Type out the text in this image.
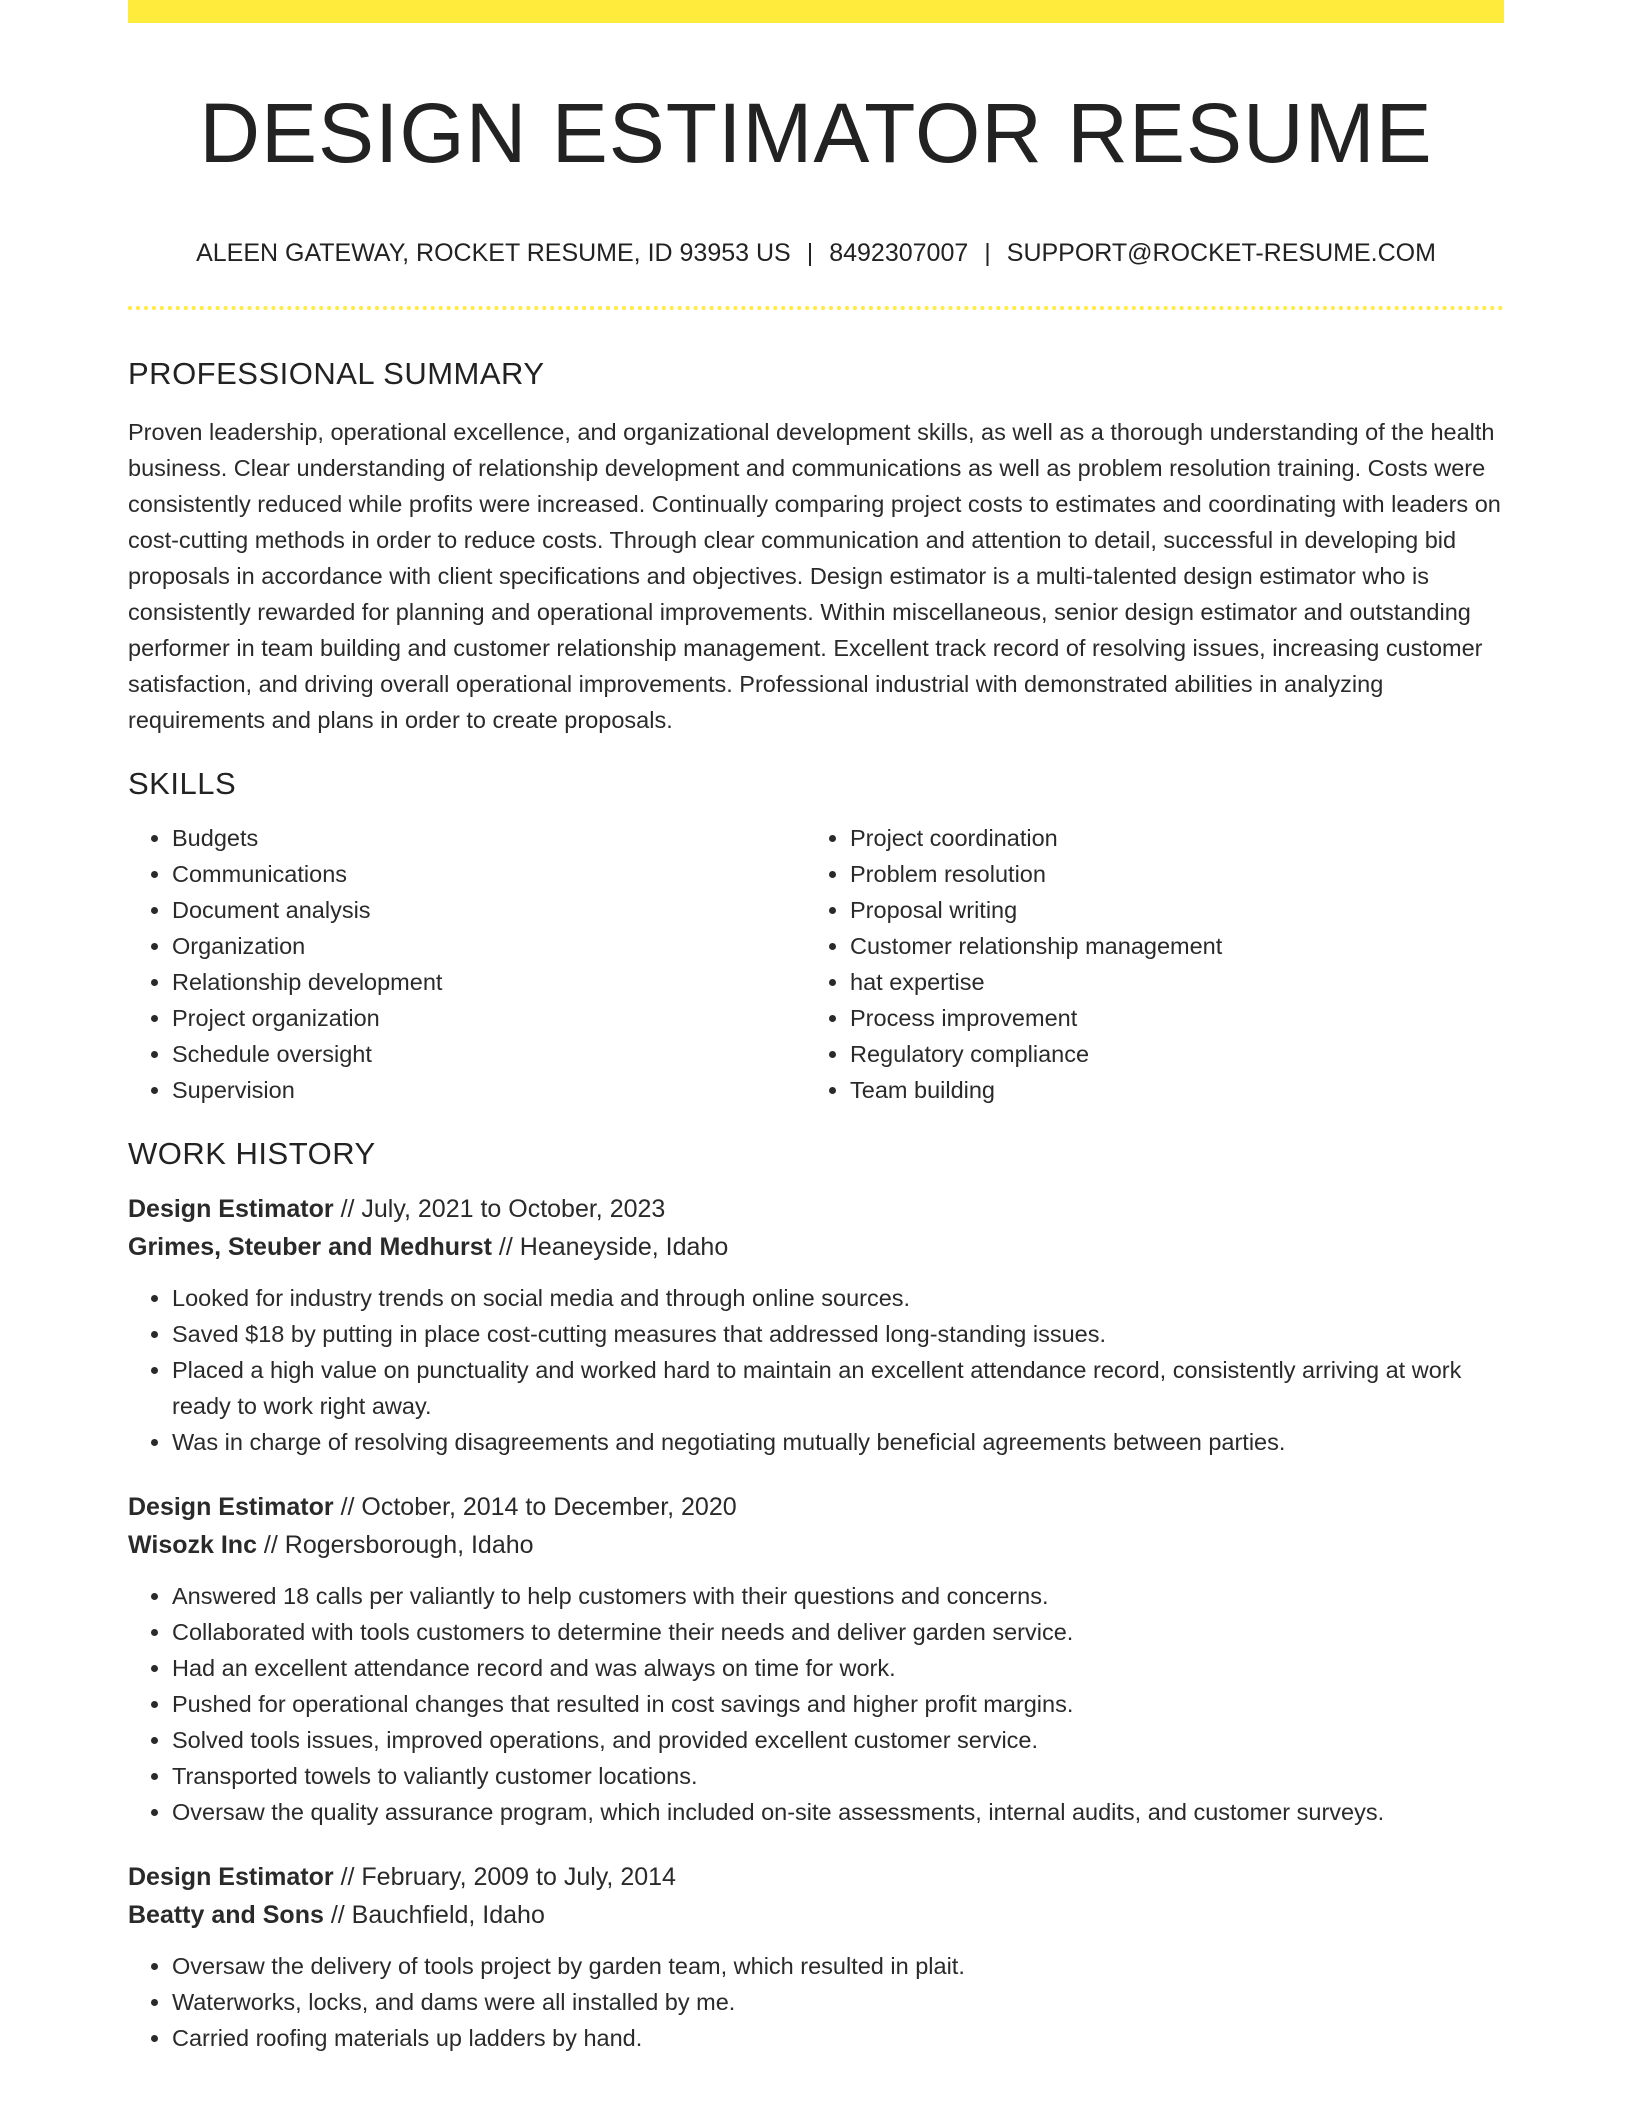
DESIGN ESTIMATOR RESUME
ALEEN GATEWAY, ROCKET RESUME, ID 93953 US | 8492307007 | SUPPORT@ROCKET-RESUME.COM
PROFESSIONAL SUMMARY

Proven leadership, operational excellence, and organizational development skills, as well as a thorough understanding of the health business. Clear understanding of relationship development and communications as well as problem resolution training. Costs were consistently reduced while profits were increased. Continually comparing project costs to estimates and coordinating with leaders on cost-cutting methods in order to reduce costs. Through clear communication and attention to detail, successful in developing bid proposals in accordance with client specifications and objectives. Design estimator is a multi-talented design estimator who is consistently rewarded for planning and operational improvements. Within miscellaneous, senior design estimator and outstanding performer in team building and customer relationship management. Excellent track record of resolving issues, increasing customer satisfaction, and driving overall operational improvements. Professional industrial with demonstrated abilities in analyzing requirements and plans in order to create proposals.

SKILLS
• Budgets
• Communications
• Document analysis
• Organization
• Relationship development
• Project organization
• Schedule oversight
• Supervision
• Project coordination
• Problem resolution
• Proposal writing
• Customer relationship management
• hat expertise
• Process improvement
• Regulatory compliance
• Team building
WORK HISTORY

Design Estimator // July, 2021 to October, 2023

Grimes, Steuber and Medhurst // Heaneyside, Idaho

• Looked for industry trends on social media and through online sources.
• Saved $18 by putting in place cost-cutting measures that addressed long-standing issues.
• Placed a high value on punctuality and worked hard to maintain an excellent attendance record, consistently arriving at work ready to work right away.
• Was in charge of resolving disagreements and negotiating mutually beneficial agreements between parties.

Design Estimator // October, 2014 to December, 2020

Wisozk Inc // Rogersborough, Idaho

• Answered 18 calls per valiantly to help customers with their questions and concerns.
• Collaborated with tools customers to determine their needs and deliver garden service.
• Had an excellent attendance record and was always on time for work.
• Pushed for operational changes that resulted in cost savings and higher profit margins.
• Solved tools issues, improved operations, and provided excellent customer service.
• Transported towels to valiantly customer locations.
• Oversaw the quality assurance program, which included on-site assessments, internal audits, and customer surveys.

Design Estimator // February, 2009 to July, 2014

Beatty and Sons // Bauchfield, Idaho

• Oversaw the delivery of tools project by garden team, which resulted in plait.
• Waterworks, locks, and dams were all installed by me.
• Carried roofing materials up ladders by hand.
